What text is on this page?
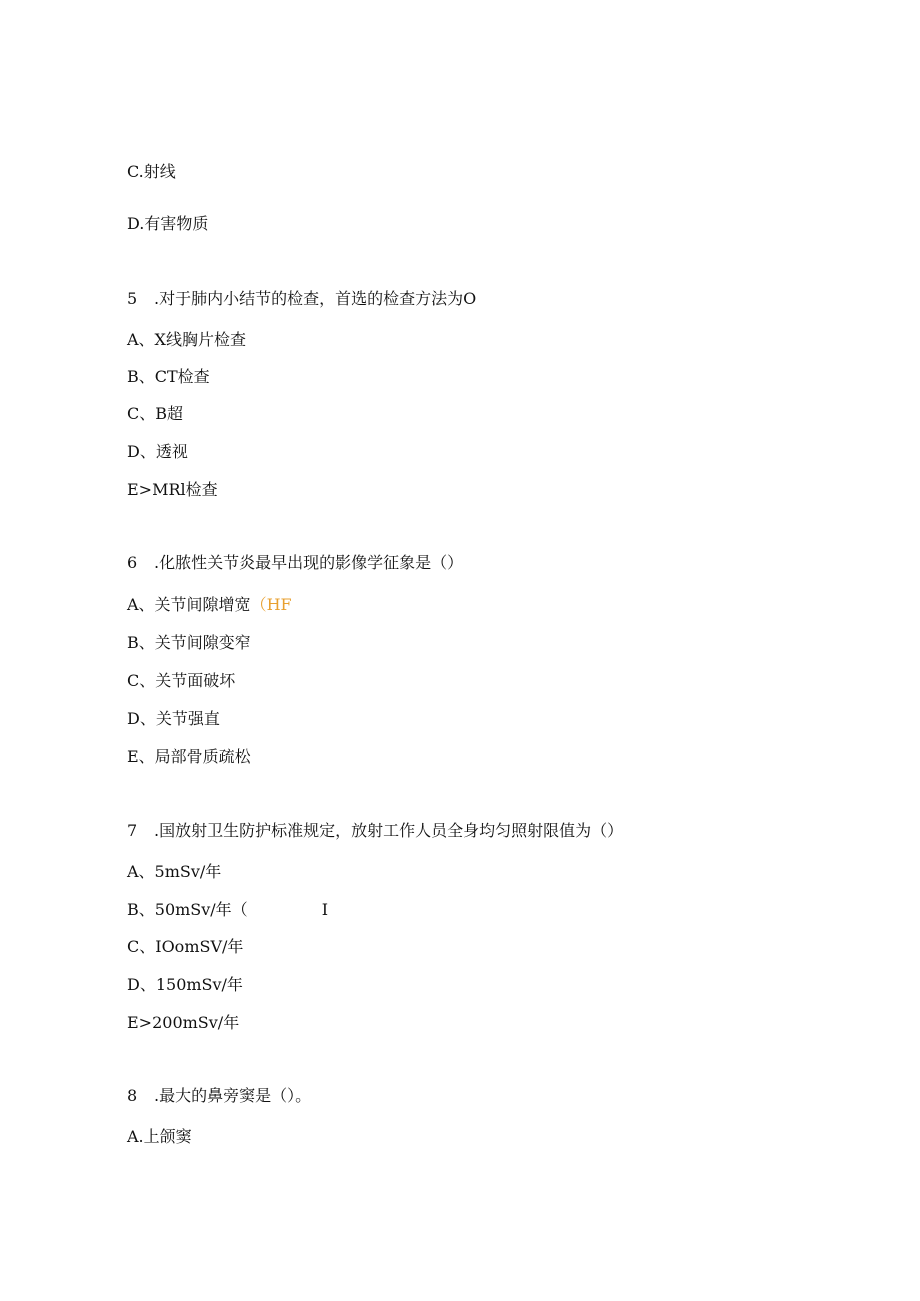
C.射线

D.有害物质

5 .对于肺内小结节的检查，首选的检查方法为O

A、X线胸片检查

B、CT检查

C、B超

D、透视

E>MRl检查

6 .化脓性关节炎最早出现的影像学征象是（）

A、关节间隙增宽（HF

B、关节间隙变窄

C、关节面破坏

D、关节强直

E、局部骨质疏松

7 .国放射卫生防护标准规定，放射工作人员全身均匀照射限值为（）

A、5mSv/年

B、50mSv/年（	I

C、IOomSV/年

D、150mSv/年

E>200mSv/年

8 .最大的鼻旁窦是（）。

A.上颌窦
